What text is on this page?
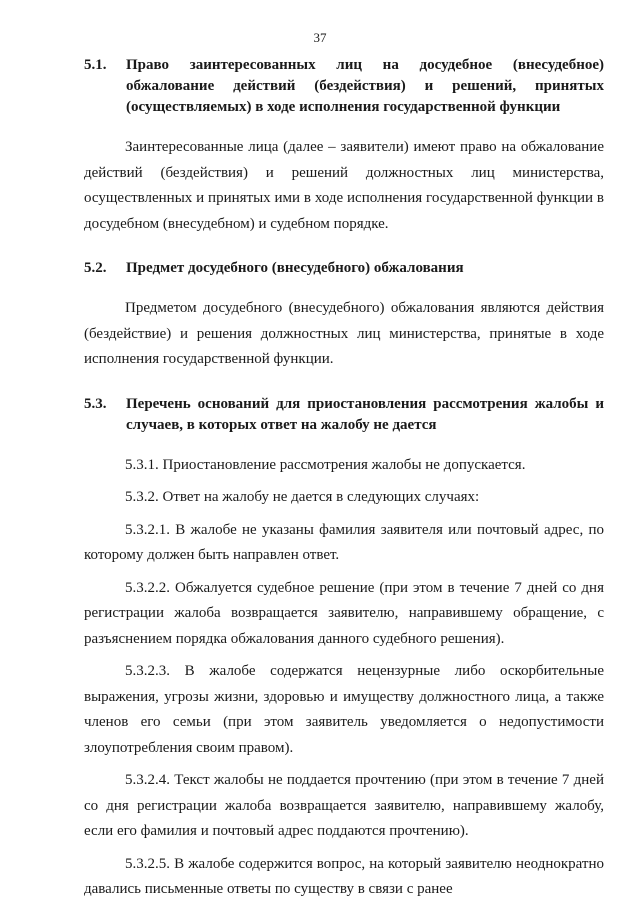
37
5.1.	Право заинтересованных лиц на досудебное (внесудебное) обжалование действий (бездействия) и решений, принятых (осуществляемых) в ходе исполнения государственной функции

Заинтересованные лица (далее – заявители) имеют право на обжалование действий (бездействия) и решений должностных лиц министерства, осуществленных и принятых ими в ходе исполнения государственной функции в досудебном (внесудебном) и судебном порядке.

5.2.	Предмет досудебного (внесудебного) обжалования

Предметом досудебного (внесудебного) обжалования являются действия (бездействие) и решения должностных лиц министерства, принятые в ходе исполнения государственной функции.

5.3.	Перечень оснований для приостановления рассмотрения жалобы и случаев, в которых ответ на жалобу не дается

5.3.1. Приостановление рассмотрения жалобы не допускается.

5.3.2. Ответ на жалобу не дается в следующих случаях:

5.3.2.1. В жалобе не указаны фамилия заявителя или почтовый адрес, по которому должен быть направлен ответ.

5.3.2.2. Обжалуется судебное решение (при этом в течение 7 дней со дня регистрации жалоба возвращается заявителю, направившему обращение, с разъяснением порядка обжалования данного судебного решения).

5.3.2.3. В жалобе содержатся нецензурные либо оскорбительные выражения, угрозы жизни, здоровью и имуществу должностного лица, а также членов его семьи (при этом заявитель уведомляется о недопустимости злоупотребления своим правом).

5.3.2.4. Текст жалобы не поддается прочтению (при этом в течение 7 дней со дня регистрации жалоба возвращается заявителю, направившему жалобу, если его фамилия и почтовый адрес поддаются прочтению).

5.3.2.5. В жалобе содержится вопрос, на который заявителю неоднократно давались письменные ответы по существу в связи с ранее
